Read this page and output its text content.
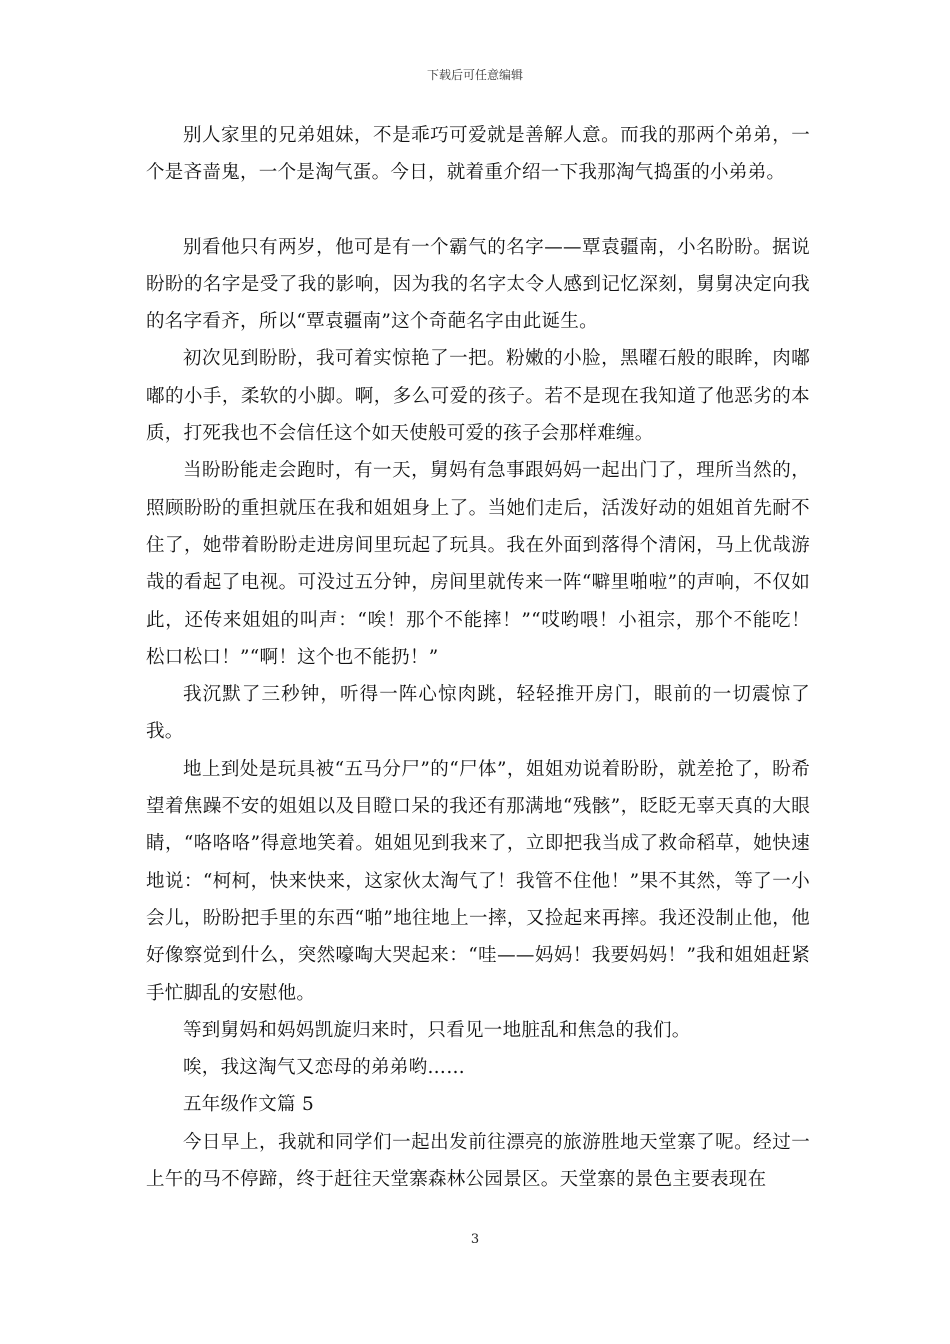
下载后可任意编辑

别人家里的兄弟姐妹，不是乖巧可爱就是善解人意。而我的那两个弟弟，一个是吝啬鬼，一个是淘气蛋。今日，就着重介绍一下我那淘气捣蛋的小弟弟。

别看他只有两岁，他可是有一个霸气的名字——覃袁疆南，小名盼盼。据说盼盼的名字是受了我的影响，因为我的名字太令人感到记忆深刻，舅舅决定向我的名字看齐，所以“覃袁疆南”这个奇葩名字由此诞生。

初次见到盼盼，我可着实惊艳了一把。粉嫩的小脸，黑曜石般的眼眸，肉嘟嘟的小手，柔软的小脚。啊，多么可爱的孩子。若不是现在我知道了他恶劣的本质，打死我也不会信任这个如天使般可爱的孩子会那样难缠。

当盼盼能走会跑时，有一天，舅妈有急事跟妈妈一起出门了，理所当然的，照顾盼盼的重担就压在我和姐姐身上了。当她们走后，活泼好动的姐姐首先耐不住了，她带着盼盼走进房间里玩起了玩具。我在外面到落得个清闲，马上优哉游哉的看起了电视。可没过五分钟，房间里就传来一阵“噼里啪啦”的声响，不仅如此，还传来姐姐的叫声：“唉！那个不能摔！”“哎哟喂！小祖宗，那个不能吃！松口松口！”“啊！这个也不能扔！”

我沉默了三秒钟，听得一阵心惊肉跳，轻轻推开房门，眼前的一切震惊了我。

地上到处是玩具被“五马分尸”的“尸体”，姐姐劝说着盼盼，就差抢了，盼希望着焦躁不安的姐姐以及目瞪口呆的我还有那满地“残骸”，眨眨无辜天真的大眼睛，“咯咯咯”得意地笑着。姐姐见到我来了，立即把我当成了救命稻草，她快速地说：“柯柯，快来快来，这家伙太淘气了！我管不住他！”果不其然，等了一小会儿，盼盼把手里的东西“啪”地往地上一摔，又捡起来再摔。我还没制止他，他好像察觉到什么，突然嚎啕大哭起来：“哇——妈妈！我要妈妈！”我和姐姐赶紧手忙脚乱的安慰他。

等到舅妈和妈妈凯旋归来时，只看见一地脏乱和焦急的我们。

唉，我这淘气又恋母的弟弟哟……

五年级作文篇 5

今日早上，我就和同学们一起出发前往漂亮的旅游胜地天堂寨了呢。经过一上午的马不停蹄，终于赶往天堂寨森林公园景区。天堂寨的景色主要表现在

3
